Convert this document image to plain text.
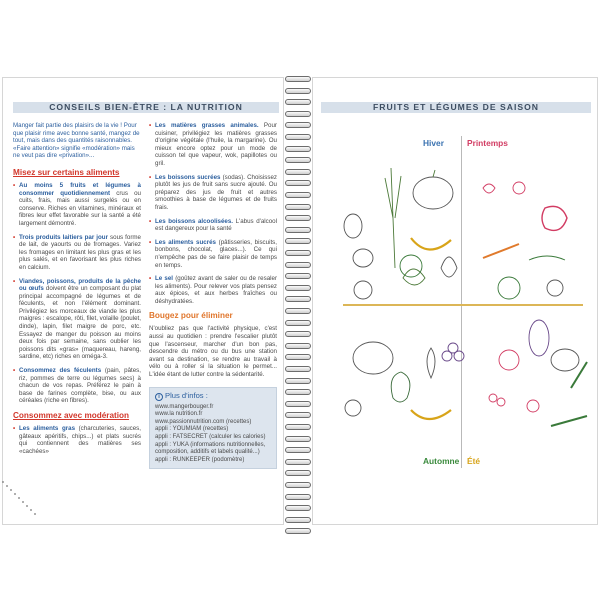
CONSEILS BIEN-ÊTRE : LA NUTRITION

Manger fait partie des plaisirs de la vie ! Pour que plaisir rime avec bonne santé, mangez de tout, mais dans des quantités raisonnables. «Faire attention» signifie «modération» mais ne veut pas dire «privation»...

Misez sur certains aliments

• Au moins 5 fruits et légumes à consommer quotidiennement crus ou cuits, frais, mais aussi surgelés ou en conserve. Riches en vitamines, minéraux et fibres leur effet favorable sur la santé a été largement démontré.

• Trois produits laitiers par jour sous forme de lait, de yaourts ou de fromages. Variez les fromages en limitant les plus gras et les plus salés, et en favorisant les plus riches en calcium.

• Viandes, poissons, produits de la pêche ou œufs doivent être un composant du plat principal accompagné de légumes et de féculents, et non l'élément dominant. Privilégiez les morceaux de viande les plus maigres : escalope, rôti, filet, volaille (poulet, dinde), lapin, filet maigre de porc, etc. Essayez de manger du poisson au moins deux fois par semaine, sans oublier les poissons dits «gras» (maquereau, hareng, sardine, etc) riches en oméga-3.

• Consommez des féculents (pain, pâtes, riz, pommes de terre ou légumes secs) à chacun de vos repas. Préférez le pain à base de farines complète, bise, ou aux céréales (riche en fibres).

Consommez avec modération

• Les aliments gras (charcuteries, sauces, gâteaux apéritifs, chips...) et plats sucrés qui contiennent des matières ses «cachées»

• Les matières grasses animales. Pour cuisiner, privilégiez les matières grasses d'origine végétale (l'huile, la margarine). Ou mieux encore optez pour un mode de cuisson tel que vapeur, wok, papillotes ou gril.

• Les boissons sucrées (sodas). Choisissez plutôt les jus de fruit sans sucre ajouté. Ou préparez des jus de fruit et autres smoothies à base de légumes et de fruits frais.

• Les boissons alcoolisées. L'abus d'alcool est dangereux pour la santé

• Les aliments sucrés (pâtisseries, biscuits, bonbons, chocolat, glaces...). Ce qui n'empêche pas de se faire plaisir de temps en temps.

• Le sel (goûtez avant de saler ou de resaler les aliments). Pour relever vos plats pensez aux épices, et aux herbes fraîches ou déshydratées.

Bougez pour éliminer

N'oubliez pas que l'activité physique, c'est aussi au quotidien : prendre l'escalier plutôt que l'ascenseur, marcher d'un bon pas, descendre du métro ou du bus une station avant sa destination, se rendre au travail à vélo ou à roller si la situation le permet... L'idée étant de lutter contre la sédentarité.

i Plus d'infos :
www.mangerbouger.fr
www.la nutrition.fr
www.passionnutrition.com (recettes)
appli : YOUMIAM (recettes)
appli : FATSECRET (calculer les calories)
appli : YUKA (informations nutritionnelles, composition, additifs et labels qualité...)
appli : RUNKEEPER (podomètre)
FRUITS ET LÉGUMES DE SAISON
Hiver	Printemps
Automne Été
